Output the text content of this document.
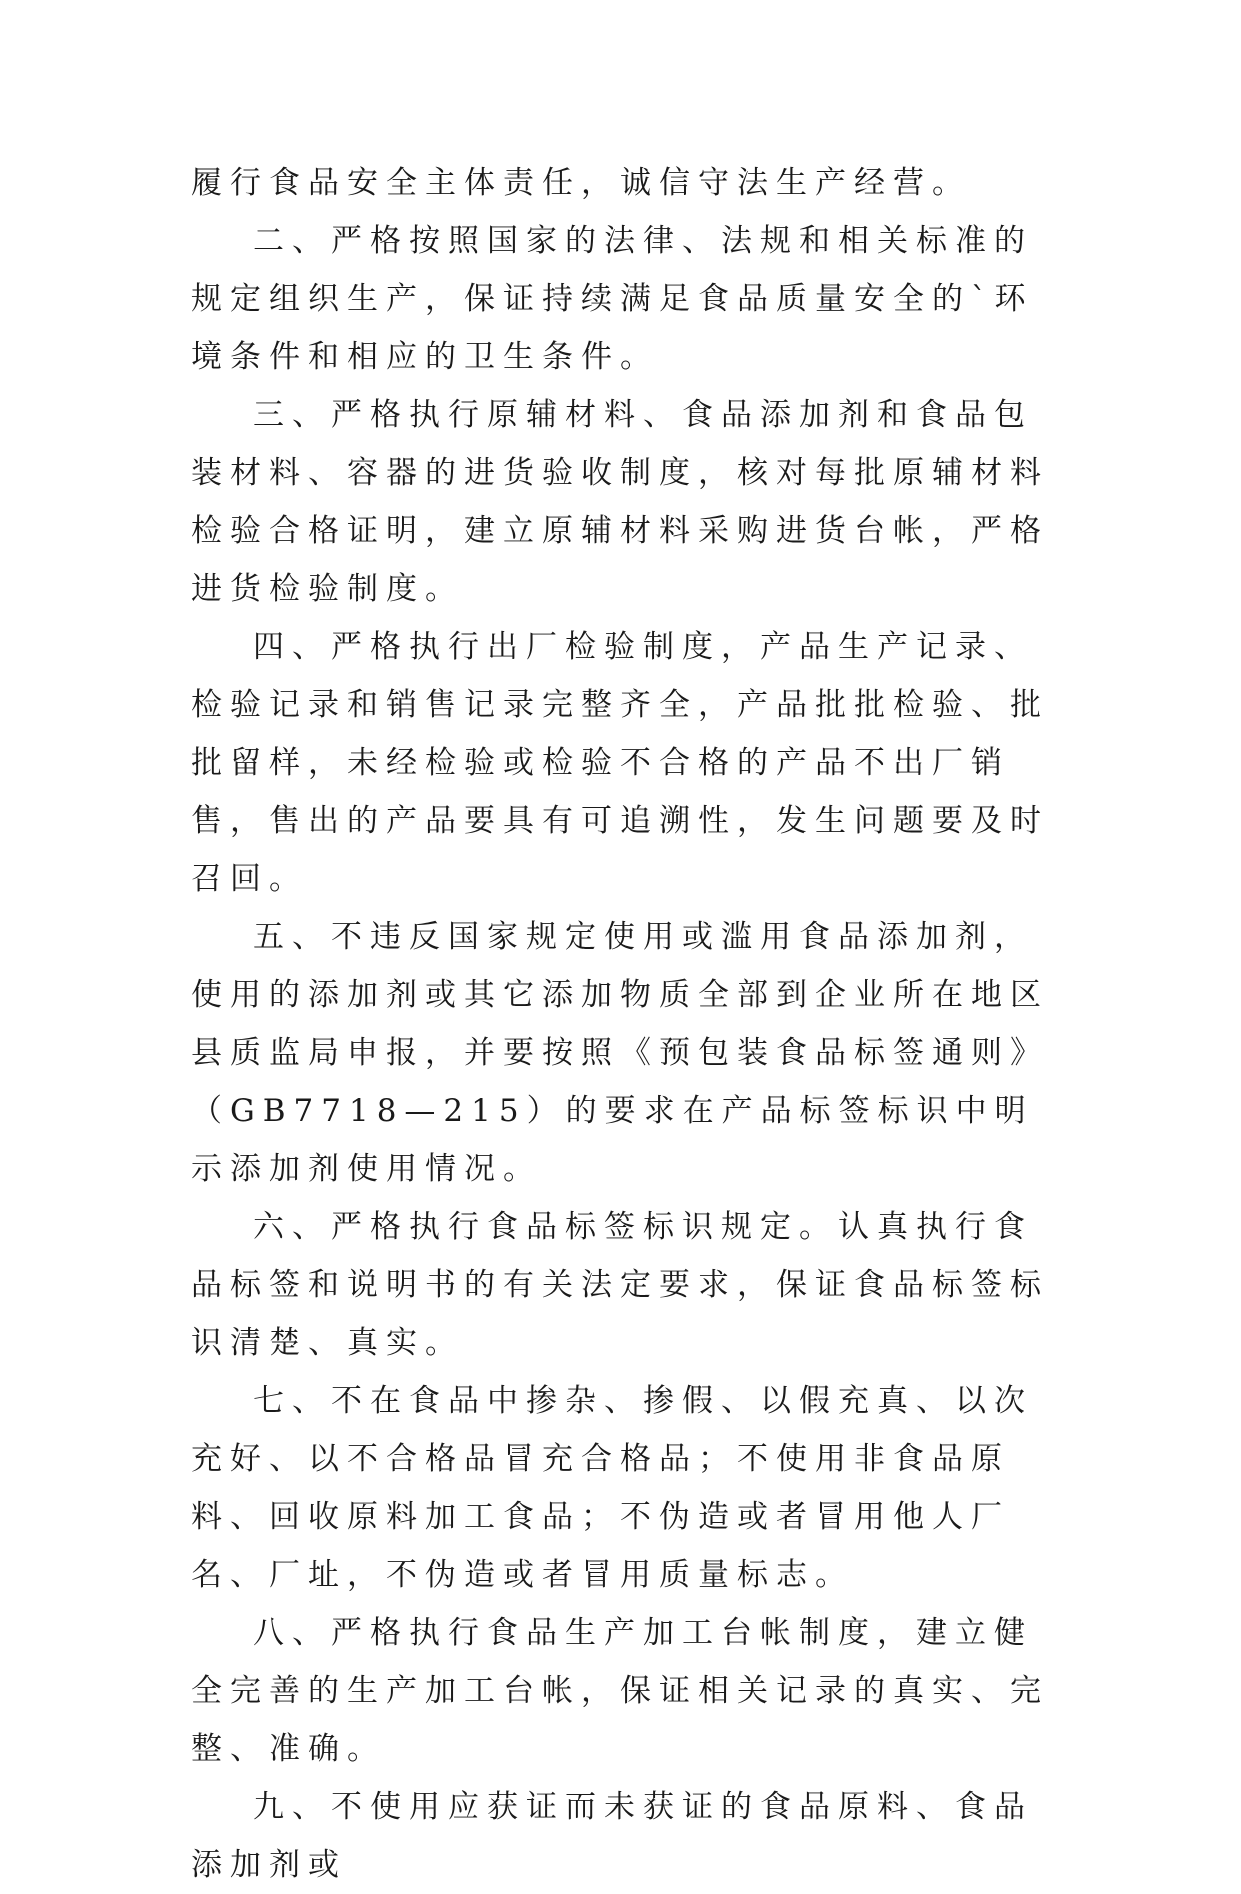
履行食品安全主体责任，诚信守法生产经营。

二、严格按照国家的法律、法规和相关标准的规定组织生产，保证持续满足食品质量安全的`环境条件和相应的卫生条件。

三、严格执行原辅材料、食品添加剂和食品包装材料、容器的进货验收制度，核对每批原辅材料检验合格证明，建立原辅材料采购进货台帐，严格进货检验制度。

四、严格执行出厂检验制度，产品生产记录、检验记录和销售记录完整齐全，产品批批检验、批批留样，未经检验或检验不合格的产品不出厂销售，售出的产品要具有可追溯性，发生问题要及时召回。

五、不违反国家规定使用或滥用食品添加剂，使用的添加剂或其它添加物质全部到企业所在地区县质监局申报，并要按照《预包装食品标签通则》（GB7718—215）的要求在产品标签标识中明示添加剂使用情况。

六、严格执行食品标签标识规定。认真执行食品标签和说明书的有关法定要求，保证食品标签标识清楚、真实。

七、不在食品中掺杂、掺假、以假充真、以次充好、以不合格品冒充合格品；不使用非食品原料、回收原料加工食品；不伪造或者冒用他人厂名、厂址，不伪造或者冒用质量标志。

八、严格执行食品生产加工台帐制度，建立健全完善的生产加工台帐，保证相关记录的真实、完整、准确。

九、不使用应获证而未获证的食品原料、食品添加剂或
